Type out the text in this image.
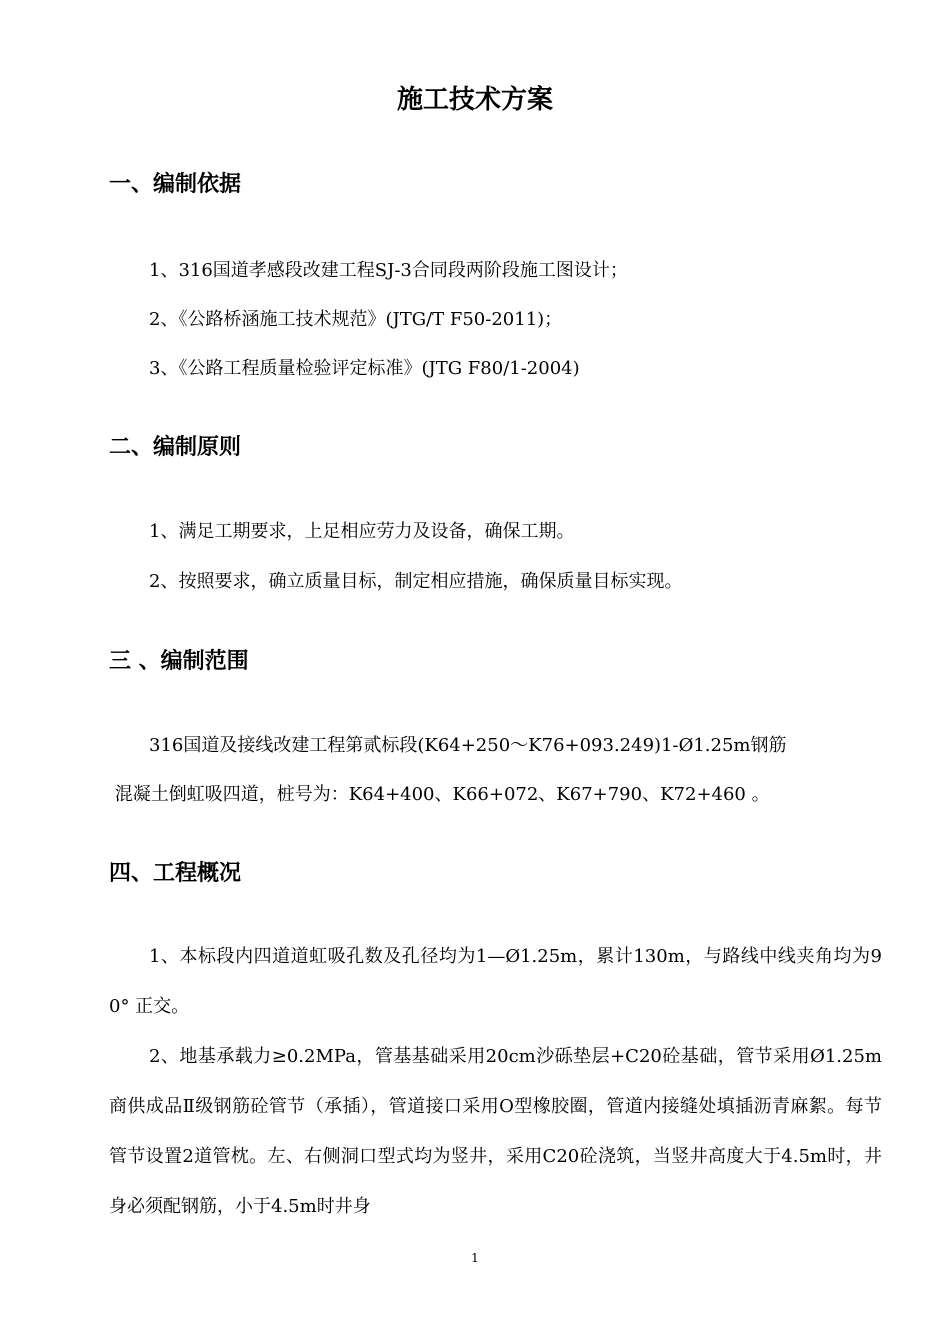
施工技术方案
一、编制依据

1、316国道孝感段改建工程SJ-3合同段两阶段施工图设计；

2、《公路桥涵施工技术规范》(JTG/T F50-2011)；

3、《公路工程质量检验评定标准》(JTG F80/1-2004)

二、编制原则

1、满足工期要求，上足相应劳力及设备，确保工期。

2、按照要求，确立质量目标，制定相应措施，确保质量目标实现。

三 、编制范围

316国道及接线改建工程第贰标段(K64+250～K76+093.249)1-Ø1.25m钢筋

混凝土倒虹吸四道，桩号为：K64+400、K66+072、K67+790、K72+460 。

四、工程概况

1、本标段内四道道虹吸孔数及孔径均为1—Ø1.25m，累计130m，与路线中线夹角均为90° 正交。

2、地基承载力≥0.2MPa，管基基础采用20cm沙砾垫层+C20砼基础，管节采用Ø1.25m商供成品Ⅱ级钢筋砼管节（承插），管道接口采用O型橡胶圈，管道内接缝处填插沥青麻絮。每节管节设置2道管枕。左、右侧洞口型式均为竖井，采用C20砼浇筑，当竖井高度大于4.5m时，井身必须配钢筋，小于4.5m时井身

1
